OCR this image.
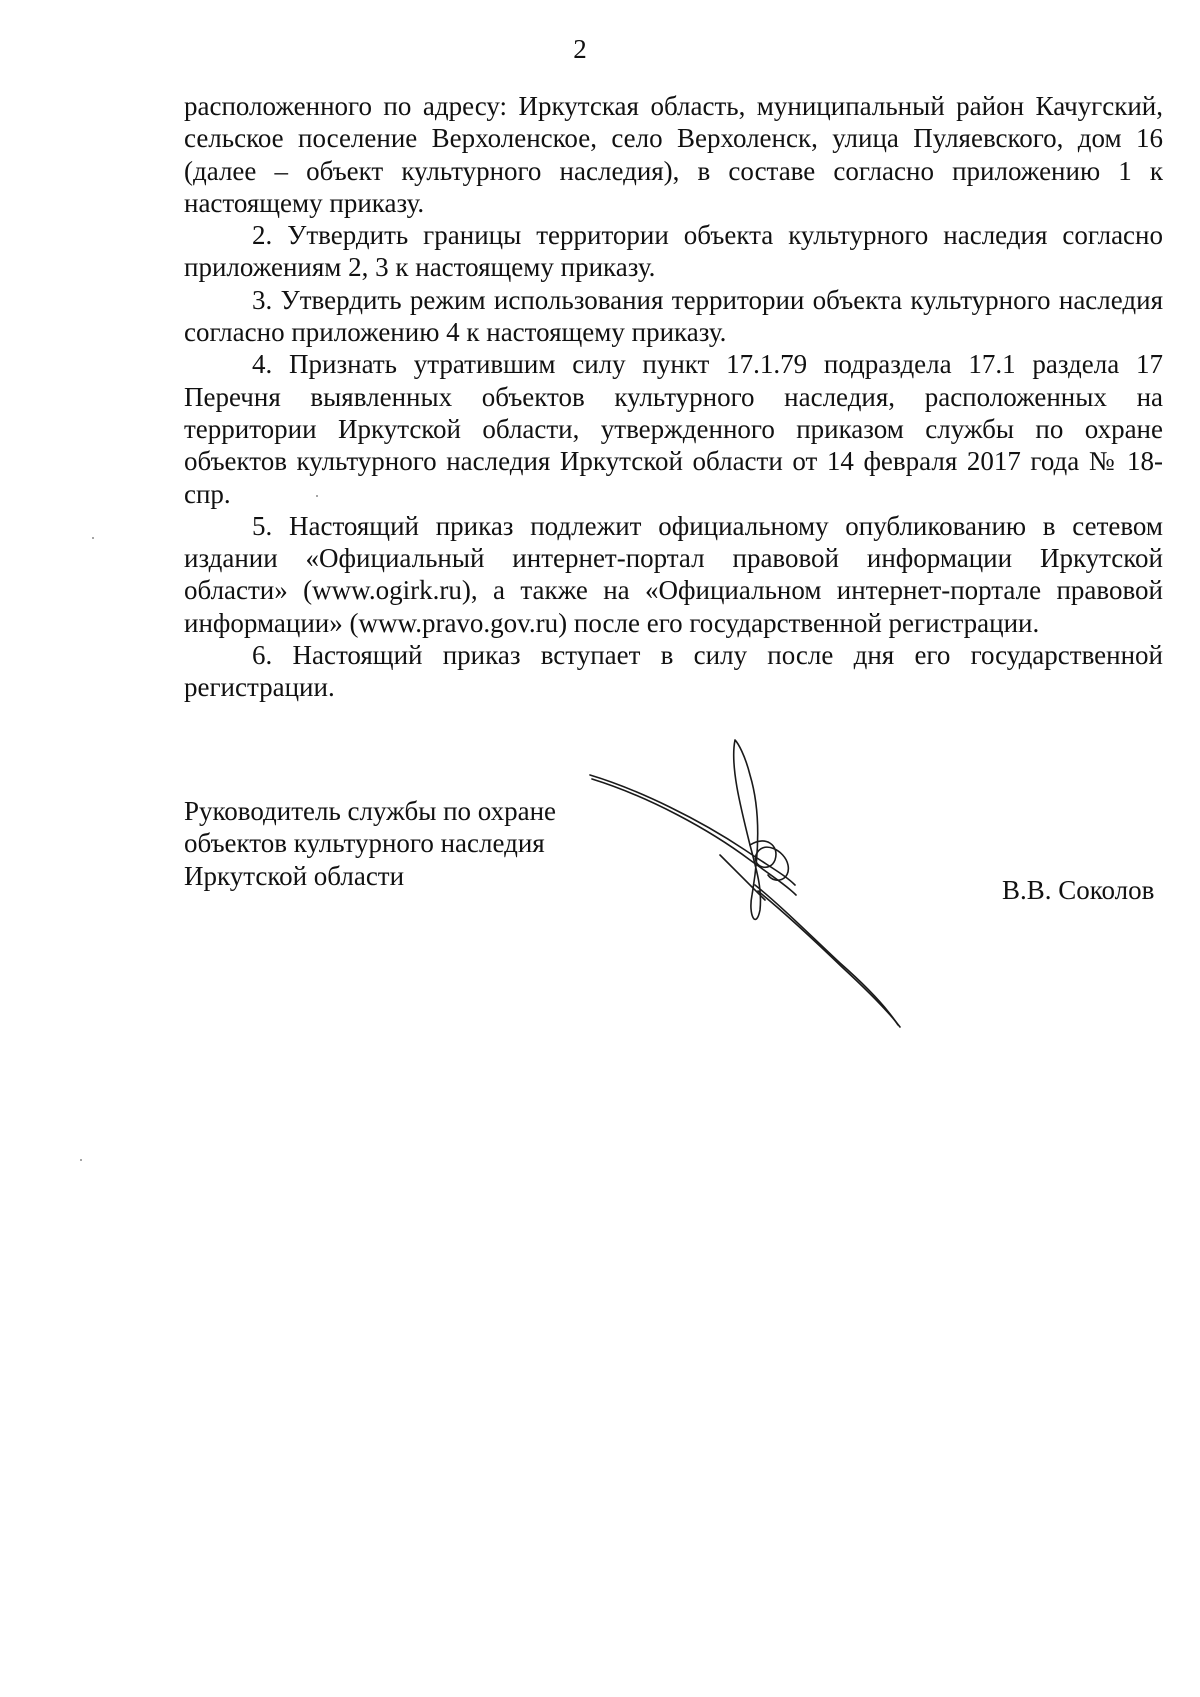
2

расположенного по адресу: Иркутская область, муниципальный район Качугский, сельское поселение Верхоленское, село Верхоленск, улица Пуляевского, дом 16 (далее – объект культурного наследия), в составе согласно приложению 1 к настоящему приказу.

2. Утвердить границы территории объекта культурного наследия согласно приложениям 2, 3 к настоящему приказу.

3. Утвердить режим использования территории объекта культурного наследия согласно приложению 4 к настоящему приказу.

4. Признать утратившим силу пункт 17.1.79 подраздела 17.1 раздела 17 Перечня выявленных объектов культурного наследия, расположенных на территории Иркутской области, утвержденного приказом службы по охране объектов культурного наследия Иркутской области от 14 февраля 2017 года № 18-спр.

5. Настоящий приказ подлежит официальному опубликованию в сетевом издании «Официальный интернет-портал правовой информации Иркутской области» (www.ogirk.ru), а также на «Официальном интернет-портале правовой информации» (www.pravo.gov.ru) после его государственной регистрации.

6. Настоящий приказ вступает в силу после дня его государственной регистрации.

Руководитель службы по охране
объектов культурного наследия
Иркутской области	В.В. Соколов
